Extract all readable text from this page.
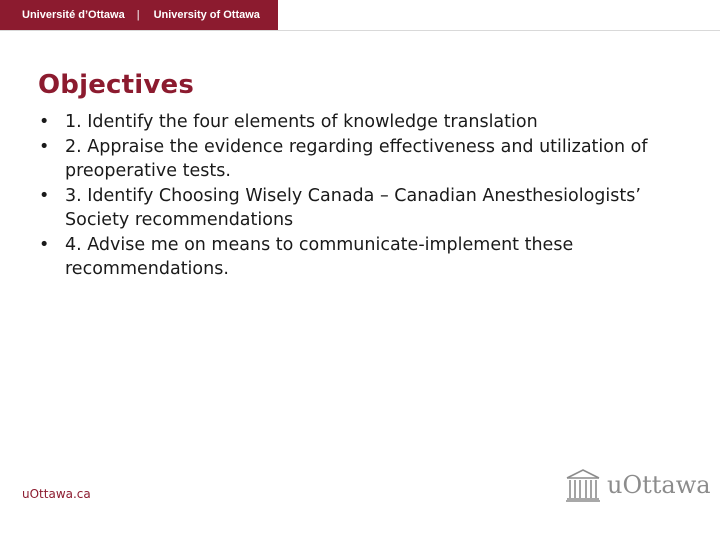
Université d’Ottawa | University of Ottawa
Objectives
• 1. Identify the four elements of knowledge translation
• 2. Appraise the evidence regarding effectiveness and utilization of preoperative tests.
• 3. Identify Choosing Wisely Canada – Canadian Anesthesiologists’ Society recommendations
• 4. Advise me on means to communicate-implement these recommendations.
uOttawa.ca	uOttawa
